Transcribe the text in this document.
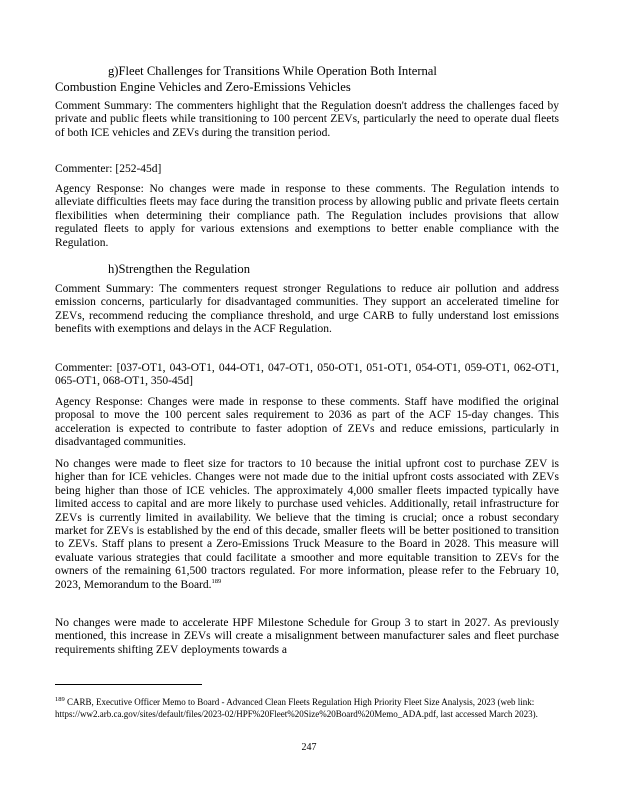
g)Fleet Challenges for Transitions While Operation Both Internal
Combustion Engine Vehicles and Zero-Emissions Vehicles

Comment Summary: The commenters highlight that the Regulation doesn't address the challenges faced by private and public fleets while transitioning to 100 percent ZEVs, particularly the need to operate dual fleets of both ICE vehicles and ZEVs during the transition period.

Commenter: [252-45d]

Agency Response: No changes were made in response to these comments. The Regulation intends to alleviate difficulties fleets may face during the transition process by allowing public and private fleets certain flexibilities when determining their compliance path. The Regulation includes provisions that allow regulated fleets to apply for various extensions and exemptions to better enable compliance with the Regulation.

h)Strengthen the Regulation

Comment Summary: The commenters request stronger Regulations to reduce air pollution and address emission concerns, particularly for disadvantaged communities. They support an accelerated timeline for ZEVs, recommend reducing the compliance threshold, and urge CARB to fully understand lost emissions benefits with exemptions and delays in the ACF Regulation.

Commenter: [037-OT1, 043-OT1, 044-OT1, 047-OT1, 050-OT1, 051-OT1, 054-OT1, 059-OT1, 062-OT1, 065-OT1, 068-OT1, 350-45d]

Agency Response: Changes were made in response to these comments. Staff have modified the original proposal to move the 100 percent sales requirement to 2036 as part of the ACF 15-day changes. This acceleration is expected to contribute to faster adoption of ZEVs and reduce emissions, particularly in disadvantaged communities.

No changes were made to fleet size for tractors to 10 because the initial upfront cost to purchase ZEV is higher than for ICE vehicles. Changes were not made due to the initial upfront costs associated with ZEVs being higher than those of ICE vehicles. The approximately 4,000 smaller fleets impacted typically have limited access to capital and are more likely to purchase used vehicles. Additionally, retail infrastructure for ZEVs is currently limited in availability. We believe that the timing is crucial; once a robust secondary market for ZEVs is established by the end of this decade, smaller fleets will be better positioned to transition to ZEVs. Staff plans to present a Zero-Emissions Truck Measure to the Board in 2028. This measure will evaluate various strategies that could facilitate a smoother and more equitable transition to ZEVs for the owners of the remaining 61,500 tractors regulated. For more information, please refer to the February 10, 2023, Memorandum to the Board.$^{189}$

No changes were made to accelerate HPF Milestone Schedule for Group 3 to start in 2027. As previously mentioned, this increase in ZEVs will create a misalignment between manufacturer sales and fleet purchase requirements shifting ZEV deployments towards a

$^{189}$ CARB, Executive Officer Memo to Board - Advanced Clean Fleets Regulation High Priority Fleet Size Analysis, 2023 (web link: https://ww2.arb.ca.gov/sites/default/files/2023-02/HPF%20Fleet%20Size%20Board%20Memo_ADA.pdf, last accessed March 2023).

247
